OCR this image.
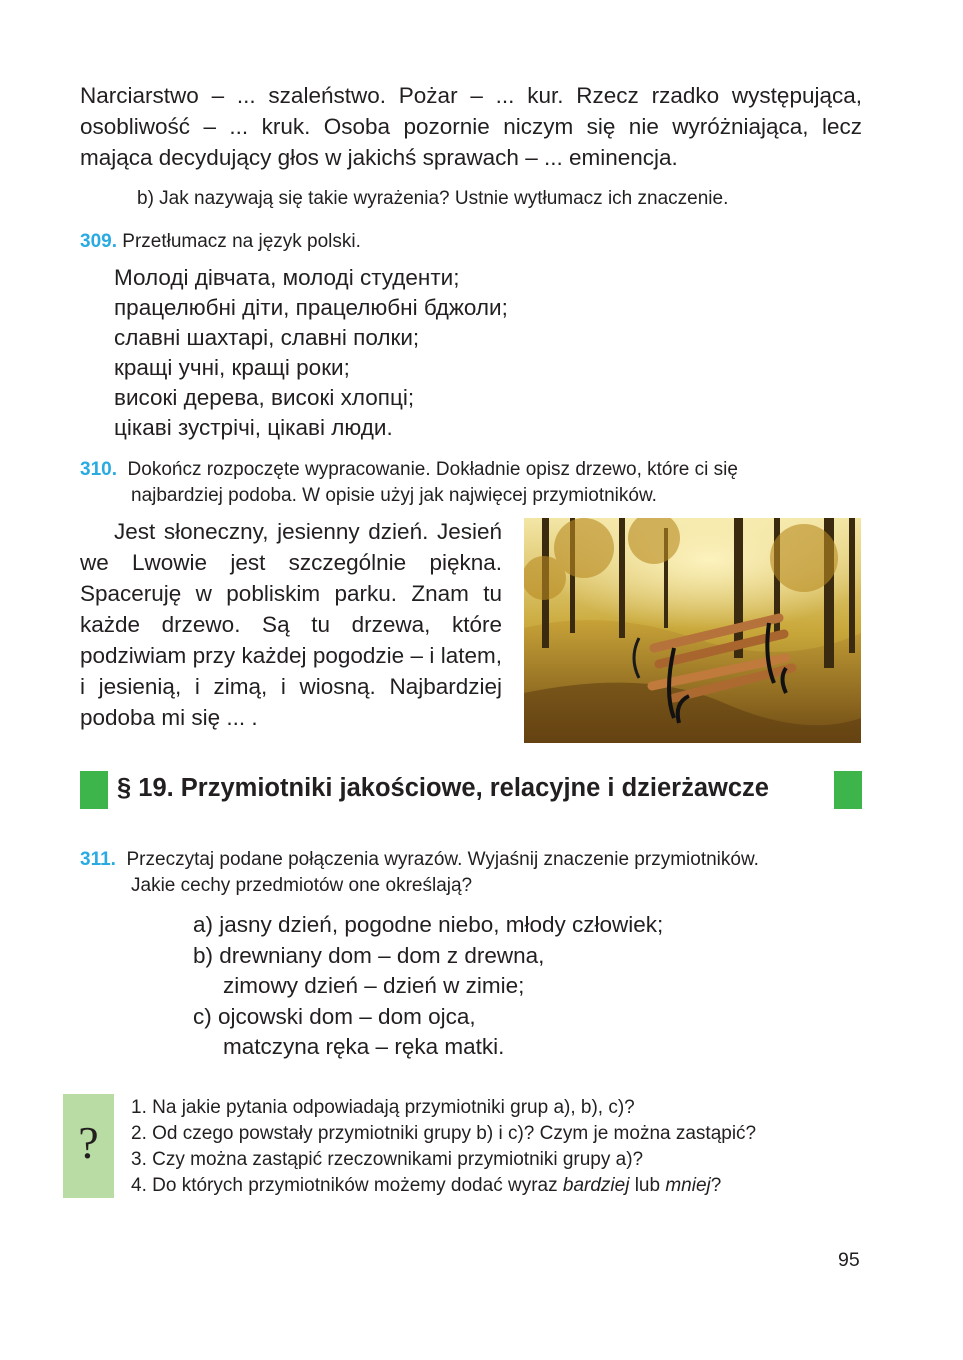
Narciarstwo – ... szaleństwo. Pożar – ... kur. Rzecz rzadko występująca, osobliwość – ... kruk. Osoba pozornie niczym się nie wyróżniająca, lecz mająca decydujący głos w jakichś sprawach – ... eminencja.
b) Jak nazywają się takie wyrażenia? Ustnie wytłumacz ich znaczenie.
309. Przetłumacz na język polski.
Молоді дівчата, молоді студенти;
працелюбні діти, працелюбні бджоли;
славні шахтарі, славні полки;
кращі учні, кращі роки;
високі дерева, високі хлопці;
цікаві зустрічі, цікаві люди.
310. Dokończ rozpoczęte wypracowanie. Dokładnie opisz drzewo, które ci się
najbardziej podoba. W opisie użyj jak najwięcej przymiotników.
Jest słoneczny, jesienny dzień. Jesień we Lwowie jest szczególnie piękna. Spaceruję w pobliskim parku. Znam tu każde drzewo. Są tu drzewa, które podziwiam przy każdej pogodzie – i latem, i jesienią, i zimą, i wiosną. Najbardziej podoba mi się ... .
§ 19. Przymiotniki jakościowe, relacyjne i dzierżawcze
311. Przeczytaj podane połączenia wyrazów. Wyjaśnij znaczenie przymiotników.
Jakie cechy przedmiotów one określają?
a) jasny dzień, pogodne niebo, młody człowiek;
b) drewniany dom – dom z drewna,
zimowy dzień – dzień w zimie;
c) ojcowski dom – dom ojca,
matczyna ręka – ręka matki.
?
1. Na jakie pytania odpowiadają przymiotniki grup a), b), c)?
2. Od czego powstały przymiotniki grupy b) i c)? Czym je można zastąpić?
3. Czy można zastąpić rzeczownikami przymiotniki grupy a)?
4. Do których przymiotników możemy dodać wyraz bardziej lub mniej?
95
